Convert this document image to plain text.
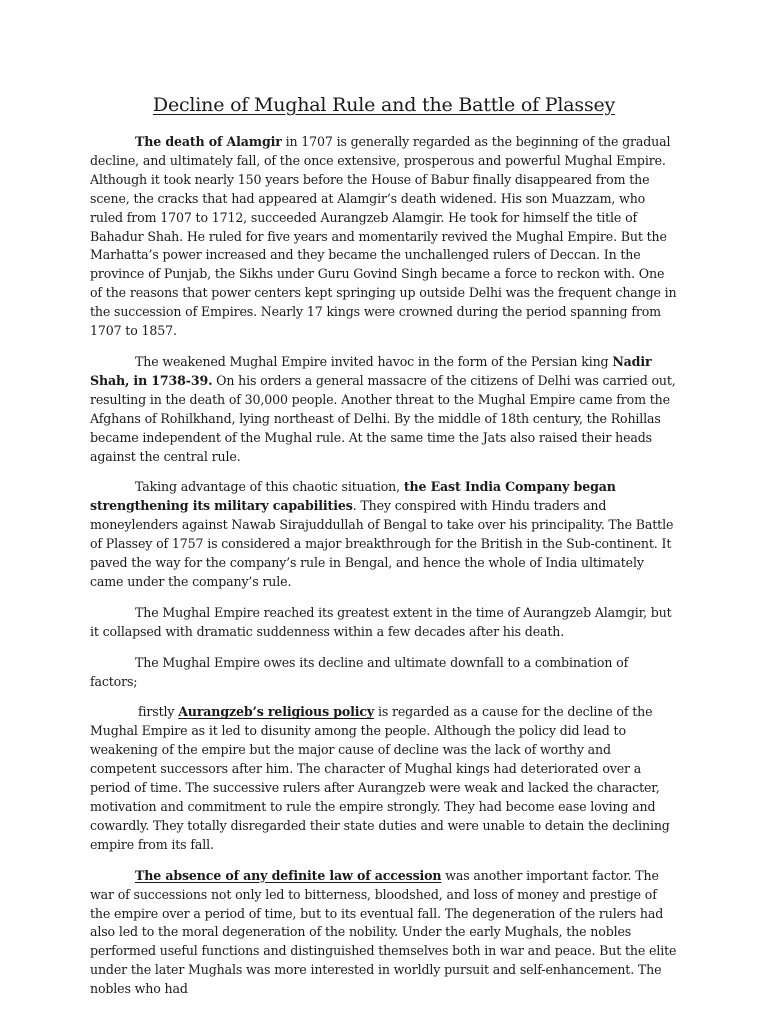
Decline of Mughal Rule and the Battle of Plassey

The death of Alamgir in 1707 is generally regarded as the beginning of the gradual decline, and ultimately fall, of the once extensive, prosperous and powerful Mughal Empire. Although it took nearly 150 years before the House of Babur finally disappeared from the scene, the cracks that had appeared at Alamgir’s death widened. His son Muazzam, who ruled from 1707 to 1712, succeeded Aurangzeb Alamgir. He took for himself the title of Bahadur Shah. He ruled for five years and momentarily revived the Mughal Empire. But the Marhatta’s power increased and they became the unchallenged rulers of Deccan. In the province of Punjab, the Sikhs under Guru Govind Singh became a force to reckon with. One of the reasons that power centers kept springing up outside Delhi was the frequent change in the succession of Empires. Nearly 17 kings were crowned during the period spanning from 1707 to 1857.

The weakened Mughal Empire invited havoc in the form of the Persian king Nadir Shah, in 1738-39. On his orders a general massacre of the citizens of Delhi was carried out, resulting in the death of 30,000 people. Another threat to the Mughal Empire came from the Afghans of Rohilkhand, lying northeast of Delhi. By the middle of 18th century, the Rohillas became independent of the Mughal rule. At the same time the Jats also raised their heads against the central rule.

Taking advantage of this chaotic situation, the East India Company began strengthening its military capabilities. They conspired with Hindu traders and moneylenders against Nawab Sirajuddullah of Bengal to take over his principality. The Battle of Plassey of 1757 is considered a major breakthrough for the British in the Sub-continent. It paved the way for the company’s rule in Bengal, and hence the whole of India ultimately came under the company’s rule.

The Mughal Empire reached its greatest extent in the time of Aurangzeb Alamgir, but it collapsed with dramatic suddenness within a few decades after his death.

The Mughal Empire owes its decline and ultimate downfall to a combination of factors;

firstly Aurangzeb’s religious policy is regarded as a cause for the decline of the Mughal Empire as it led to disunity among the people. Although the policy did lead to weakening of the empire but the major cause of decline was the lack of worthy and competent successors after him. The character of Mughal kings had deteriorated over a period of time. The successive rulers after Aurangzeb were weak and lacked the character, motivation and commitment to rule the empire strongly. They had become ease loving and cowardly. They totally disregarded their state duties and were unable to detain the declining empire from its fall.

The absence of any definite law of accession was another important factor. The war of successions not only led to bitterness, bloodshed, and loss of money and prestige of the empire over a period of time, but to its eventual fall. The degeneration of the rulers had also led to the moral degeneration of the nobility. Under the early Mughals, the nobles performed useful functions and distinguished themselves both in war and peace. But the elite under the later Mughals was more interested in worldly pursuit and self-enhancement. The nobles who had
